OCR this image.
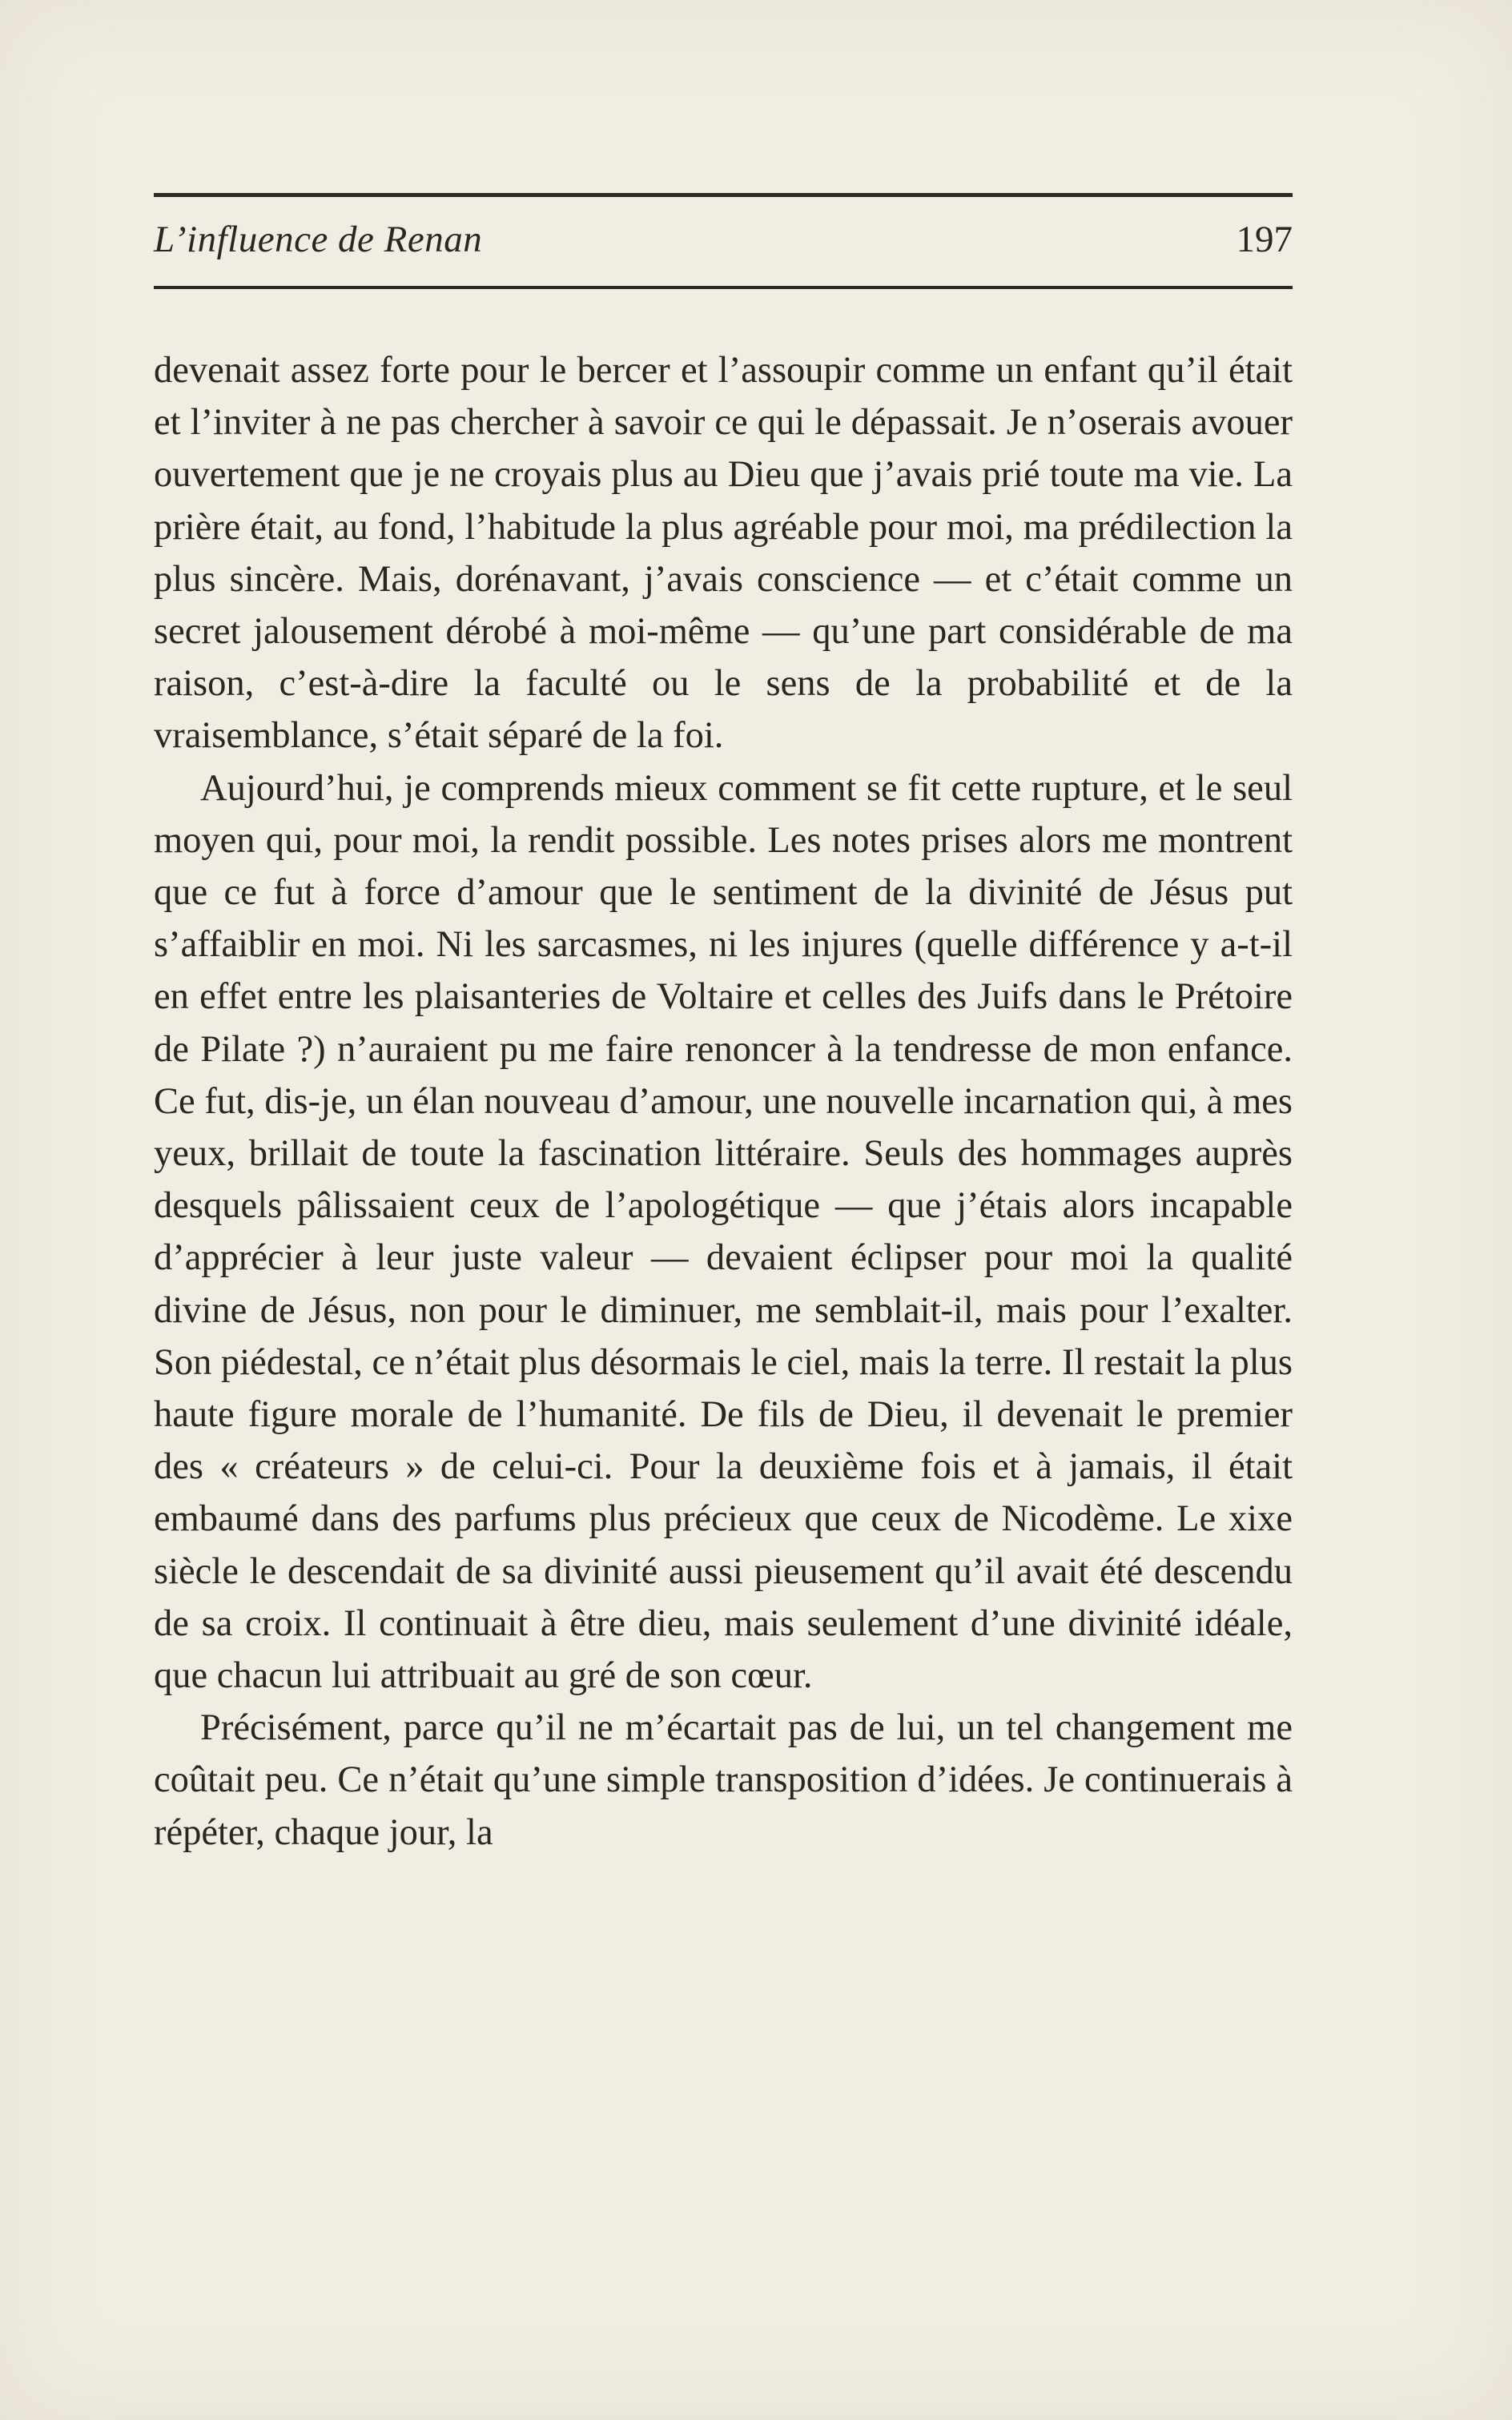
L’influence de Renan	197

devenait assez forte pour le bercer et l’assoupir comme un enfant qu’il était et l’inviter à ne pas chercher à savoir ce qui le dépassait. Je n’oserais avouer ouvertement que je ne croyais plus au Dieu que j’avais prié toute ma vie. La prière était, au fond, l’habitude la plus agréable pour moi, ma prédilection la plus sincère. Mais, dorénavant, j’avais conscience — et c’était comme un secret jalousement dérobé à moi-même — qu’une part considérable de ma raison, c’est-à-dire la faculté ou le sens de la probabilité et de la vraisemblance, s’était séparé de la foi.

Aujourd’hui, je comprends mieux comment se fit cette rupture, et le seul moyen qui, pour moi, la rendit possible. Les notes prises alors me montrent que ce fut à force d’amour que le sentiment de la divinité de Jésus put s’affaiblir en moi. Ni les sarcasmes, ni les injures (quelle différence y a-t-il en effet entre les plaisanteries de Voltaire et celles des Juifs dans le Prétoire de Pilate ?) n’auraient pu me faire renoncer à la tendresse de mon enfance. Ce fut, dis-je, un élan nouveau d’amour, une nouvelle incarnation qui, à mes yeux, brillait de toute la fascination littéraire. Seuls des hommages auprès desquels pâlissaient ceux de l’apologétique — que j’étais alors incapable d’apprécier à leur juste valeur — devaient éclipser pour moi la qualité divine de Jésus, non pour le diminuer, me semblait-il, mais pour l’exalter. Son piédestal, ce n’était plus désormais le ciel, mais la terre. Il restait la plus haute figure morale de l’humanité. De fils de Dieu, il devenait le premier des « créateurs » de celui-ci. Pour la deuxième fois et à jamais, il était embaumé dans des parfums plus précieux que ceux de Nicodème. Le xixe siècle le descendait de sa divinité aussi pieusement qu’il avait été descendu de sa croix. Il continuait à être dieu, mais seulement d’une divinité idéale, que chacun lui attribuait au gré de son cœur.

Précisément, parce qu’il ne m’écartait pas de lui, un tel changement me coûtait peu. Ce n’était qu’une simple transposition d’idées. Je continuerais à répéter, chaque jour, la
